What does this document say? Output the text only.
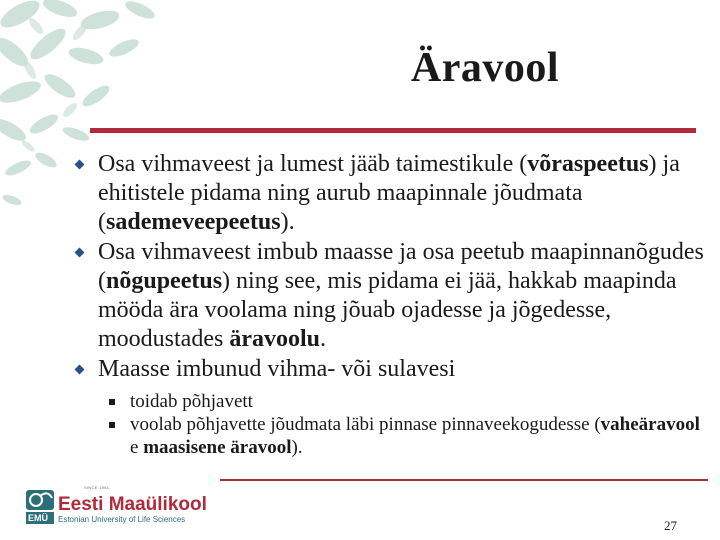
Äravool

Osa vihmaveest ja lumest jääb taimestikule (võraspeetus) ja ehitistele pidama ning aurub maapinnale jõudmata (sademeveepeetus).

Osa vihmaveest imbub maasse ja osa peetub maapinnanõgudes (nõgupeetus) ning see, mis pidama ei jää, hakkab maapinda mööda ära voolama ning jõuab ojadesse ja jõgedesse, moodustades äravoolu.

Maasse imbunud vihma- või sulavesi

toidab põhjavett

voolab põhjavette jõudmata läbi pinnase pinnaveekogudesse (vaheäravool e maasisene äravool).

EMÜ
SINCE 1951
Eesti Maaülikool
Estonian University of Life Sciences	27
